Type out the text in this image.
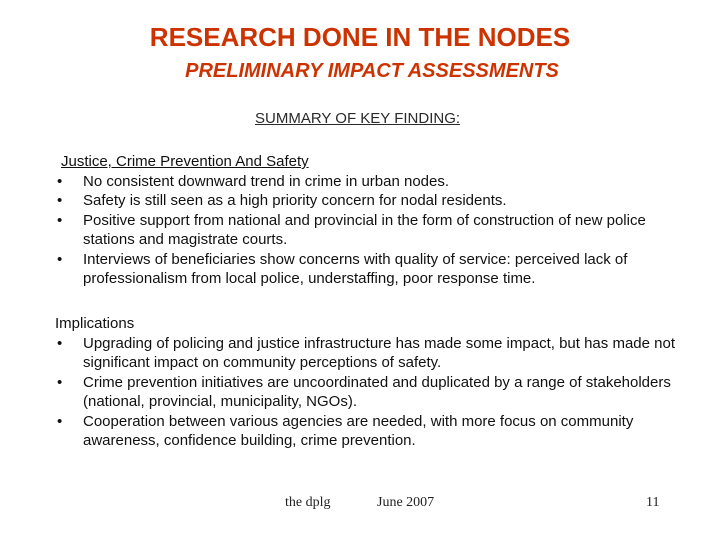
RESEARCH DONE IN THE NODES
PRELIMINARY IMPACT ASSESSMENTS
SUMMARY OF KEY FINDING:
Justice, Crime Prevention And Safety
• No consistent downward trend in crime in urban nodes.
• Safety is still seen as a high priority concern for nodal residents.
• Positive support from national and provincial in the form of construction of new police stations and magistrate courts.
• Interviews of beneficiaries show concerns with quality of service: perceived lack of professionalism from local police, understaffing, poor response time.
Implications
• Upgrading of policing and justice infrastructure has made some impact, but has made not significant impact on community perceptions of safety.
• Crime prevention initiatives are uncoordinated and duplicated by a range of stakeholders (national, provincial, municipality, NGOs).
• Cooperation between various agencies are needed, with more focus on community awareness, confidence building, crime prevention.
the dplg	June 2007	11
